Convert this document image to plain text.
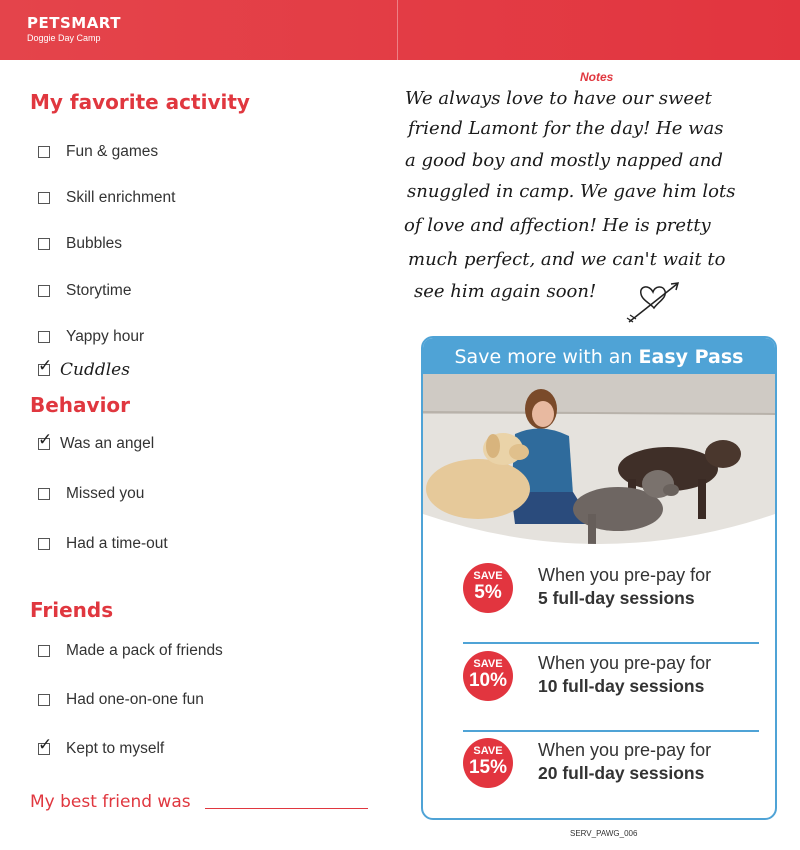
PETSMART
Doggie Day Camp
My favorite activity
Fun & games
Skill enrichment
Bubbles
Storytime
Yappy hour
✓ Cuddles
Behavior
✓ Was an angel
Missed you
Had a time-out
Friends
Made a pack of friends
Had one-on-one fun
✓ Kept to myself
My best friend was
Notes
We always love to have our sweet
friend Lamont for the day! He was
a good boy and mostly napped and
snuggled in camp. We gave him lots
of love and affection! He is pretty
much perfect, and we can't wait to
see him again soon!
Save more with an Easy Pass
SAVE
5%
When you pre-pay for
5 full-day sessions
SAVE
10%
When you pre-pay for
10 full-day sessions
SAVE
15%
When you pre-pay for
20 full-day sessions
SERV_PAWG_006
